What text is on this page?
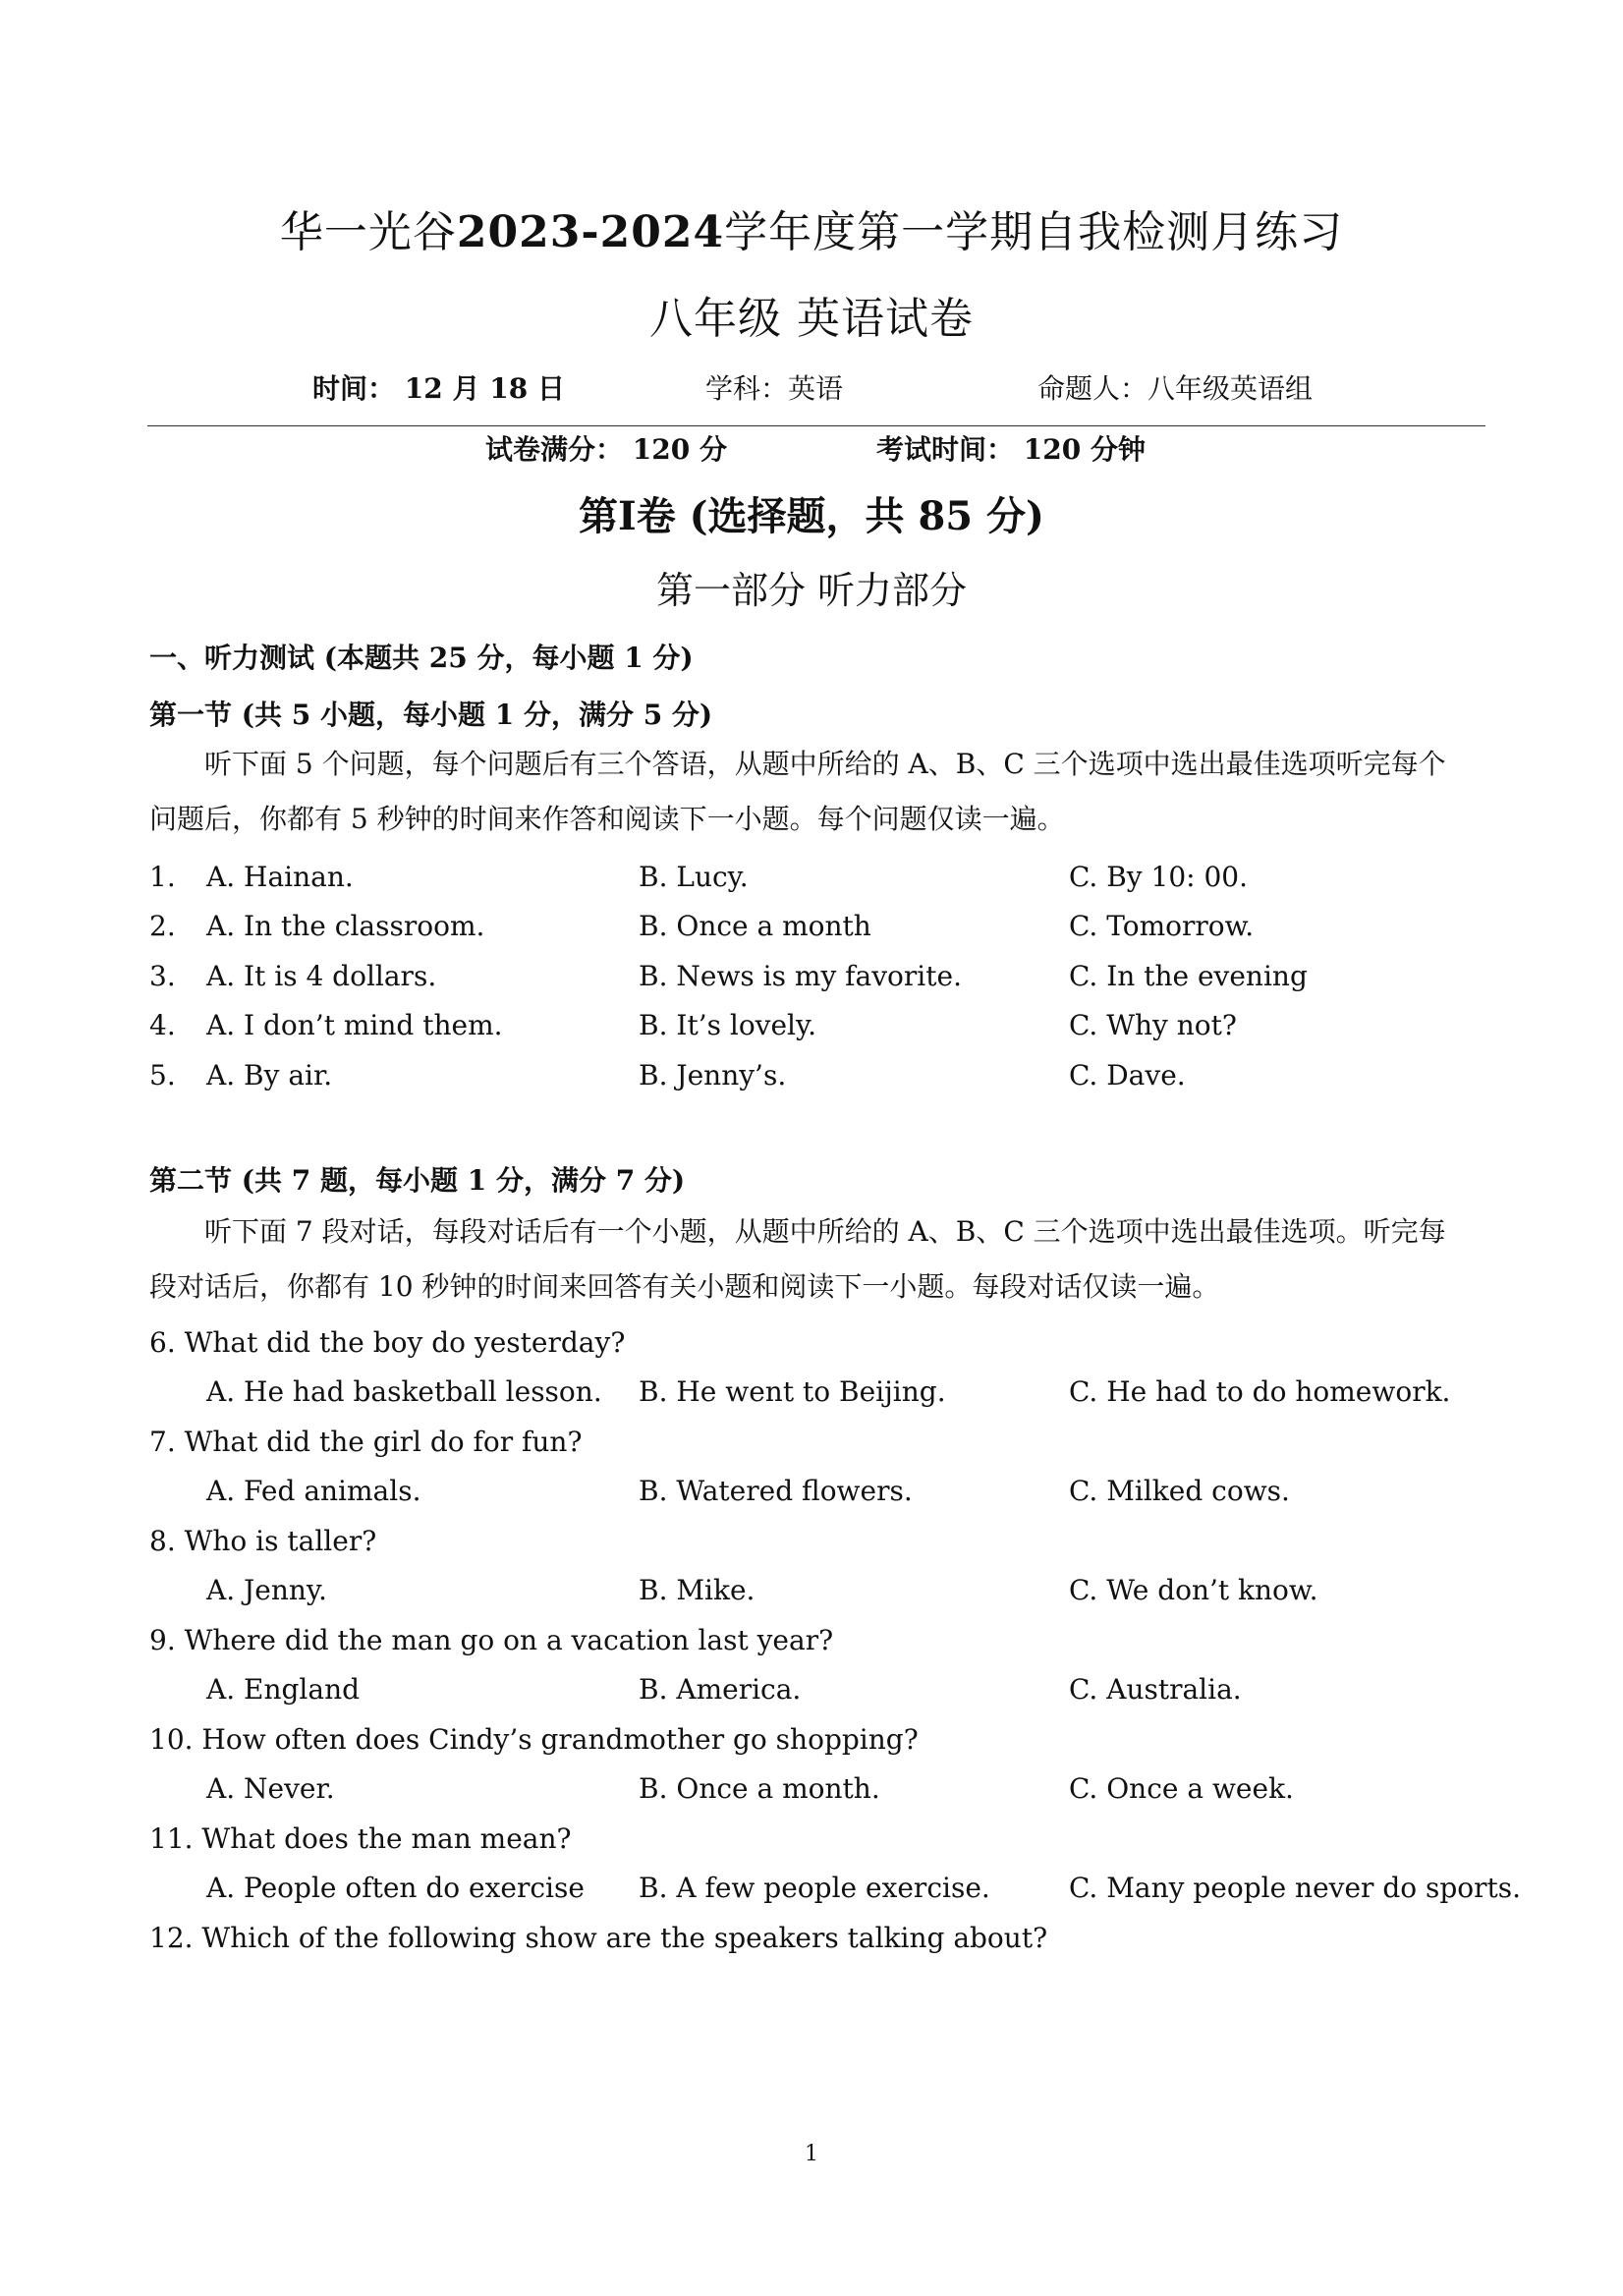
华一光谷2023-2024学年度第一学期自我检测月练习
八年级 英语试卷
时间： 12 月 18 日	学科：英语	命题人：八年级英语组
试卷满分： 120 分	考试时间： 120 分钟
第Ⅰ卷 (选择题，共 85 分)
第一部分 听力部分
一、听力测试 (本题共 25 分，每小题 1 分)
第一节 (共 5 小题，每小题 1 分，满分 5 分)
听下面 5 个问题，每个问题后有三个答语，从题中所给的 A、B、C 三个选项中选出最佳选项听完每个
问题后，你都有 5 秒钟的时间来作答和阅读下一小题。每个问题仅读一遍。
1. A. Hainan.	B. Lucy.	C. By 10: 00.
2. A. In the classroom.	B. Once a month	C. Tomorrow.
3. A. It is 4 dollars.	B. News is my favorite.	C. In the evening
4. A. I don’t mind them.	B. It’s lovely.	C. Why not?
5. A. By air.	B. Jenny’s.	C. Dave.
第二节 (共 7 题，每小题 1 分，满分 7 分)
听下面 7 段对话，每段对话后有一个小题，从题中所给的 A、B、C 三个选项中选出最佳选项。听完每
段对话后，你都有 10 秒钟的时间来回答有关小题和阅读下一小题。每段对话仅读一遍。
6. What did the boy do yesterday?
A. He had basketball lesson. B. He went to Beijing.	C. He had to do homework.
7. What did the girl do for fun?
A. Fed animals.	B. Watered flowers.	C. Milked cows.
8. Who is taller?
A. Jenny.	B. Mike.	C. We don’t know.
9. Where did the man go on a vacation last year?
A. England	B. America.	C. Australia.
10. How often does Cindy’s grandmother go shopping?
A. Never.	B. Once a month.	C. Once a week.
11. What does the man mean?
A. People often do exercise B. A few people exercise.	C. Many people never do sports.
12. Which of the following show are the speakers talking about?
1
